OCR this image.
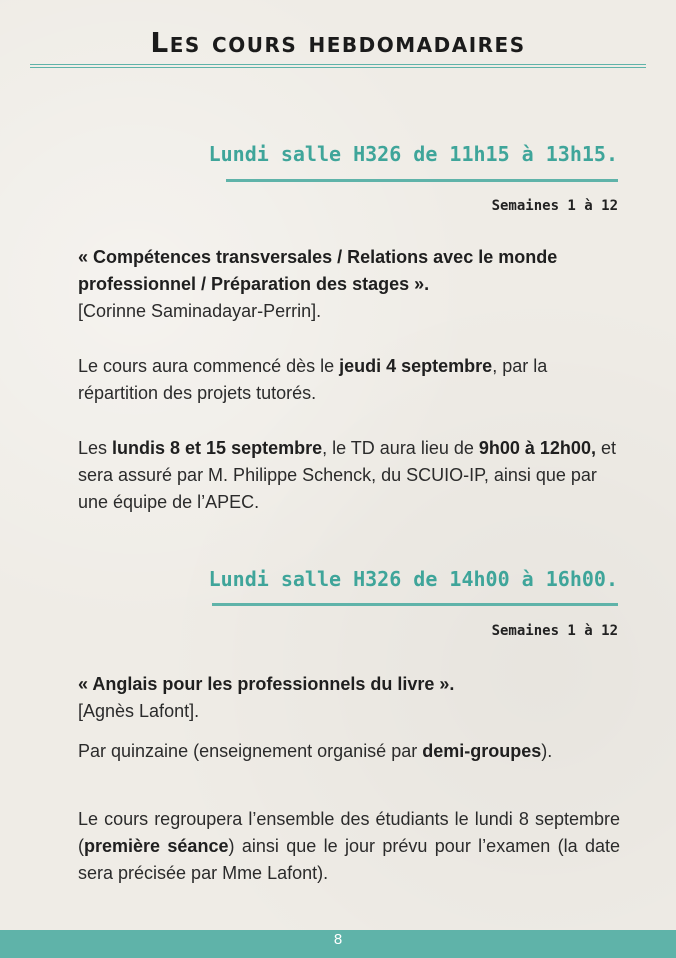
Les cours hebdomadaires
Lundi salle H326 de 11h15 à 13h15.
Semaines 1 à 12
« Compétences transversales / Relations avec le monde professionnel / Préparation des stages ».
[Corinne Saminadayar-Perrin].
Le cours aura commencé dès le jeudi 4 septembre, par la répartition des projets tutorés.
Les lundis 8 et 15 septembre, le TD aura lieu de 9h00 à 12h00, et sera assuré par M. Philippe Schenck, du SCUIO-IP, ainsi que par une équipe de l’APEC.
Lundi salle H326 de 14h00 à 16h00.
Semaines 1 à 12
« Anglais pour les professionnels du livre ».
[Agnès Lafont].
Par quinzaine (enseignement organisé par demi-groupes).
Le cours regroupera l’ensemble des étudiants le lundi 8 septembre (première séance) ainsi que le jour prévu pour l’examen (la date sera précisée par Mme Lafont).
8
